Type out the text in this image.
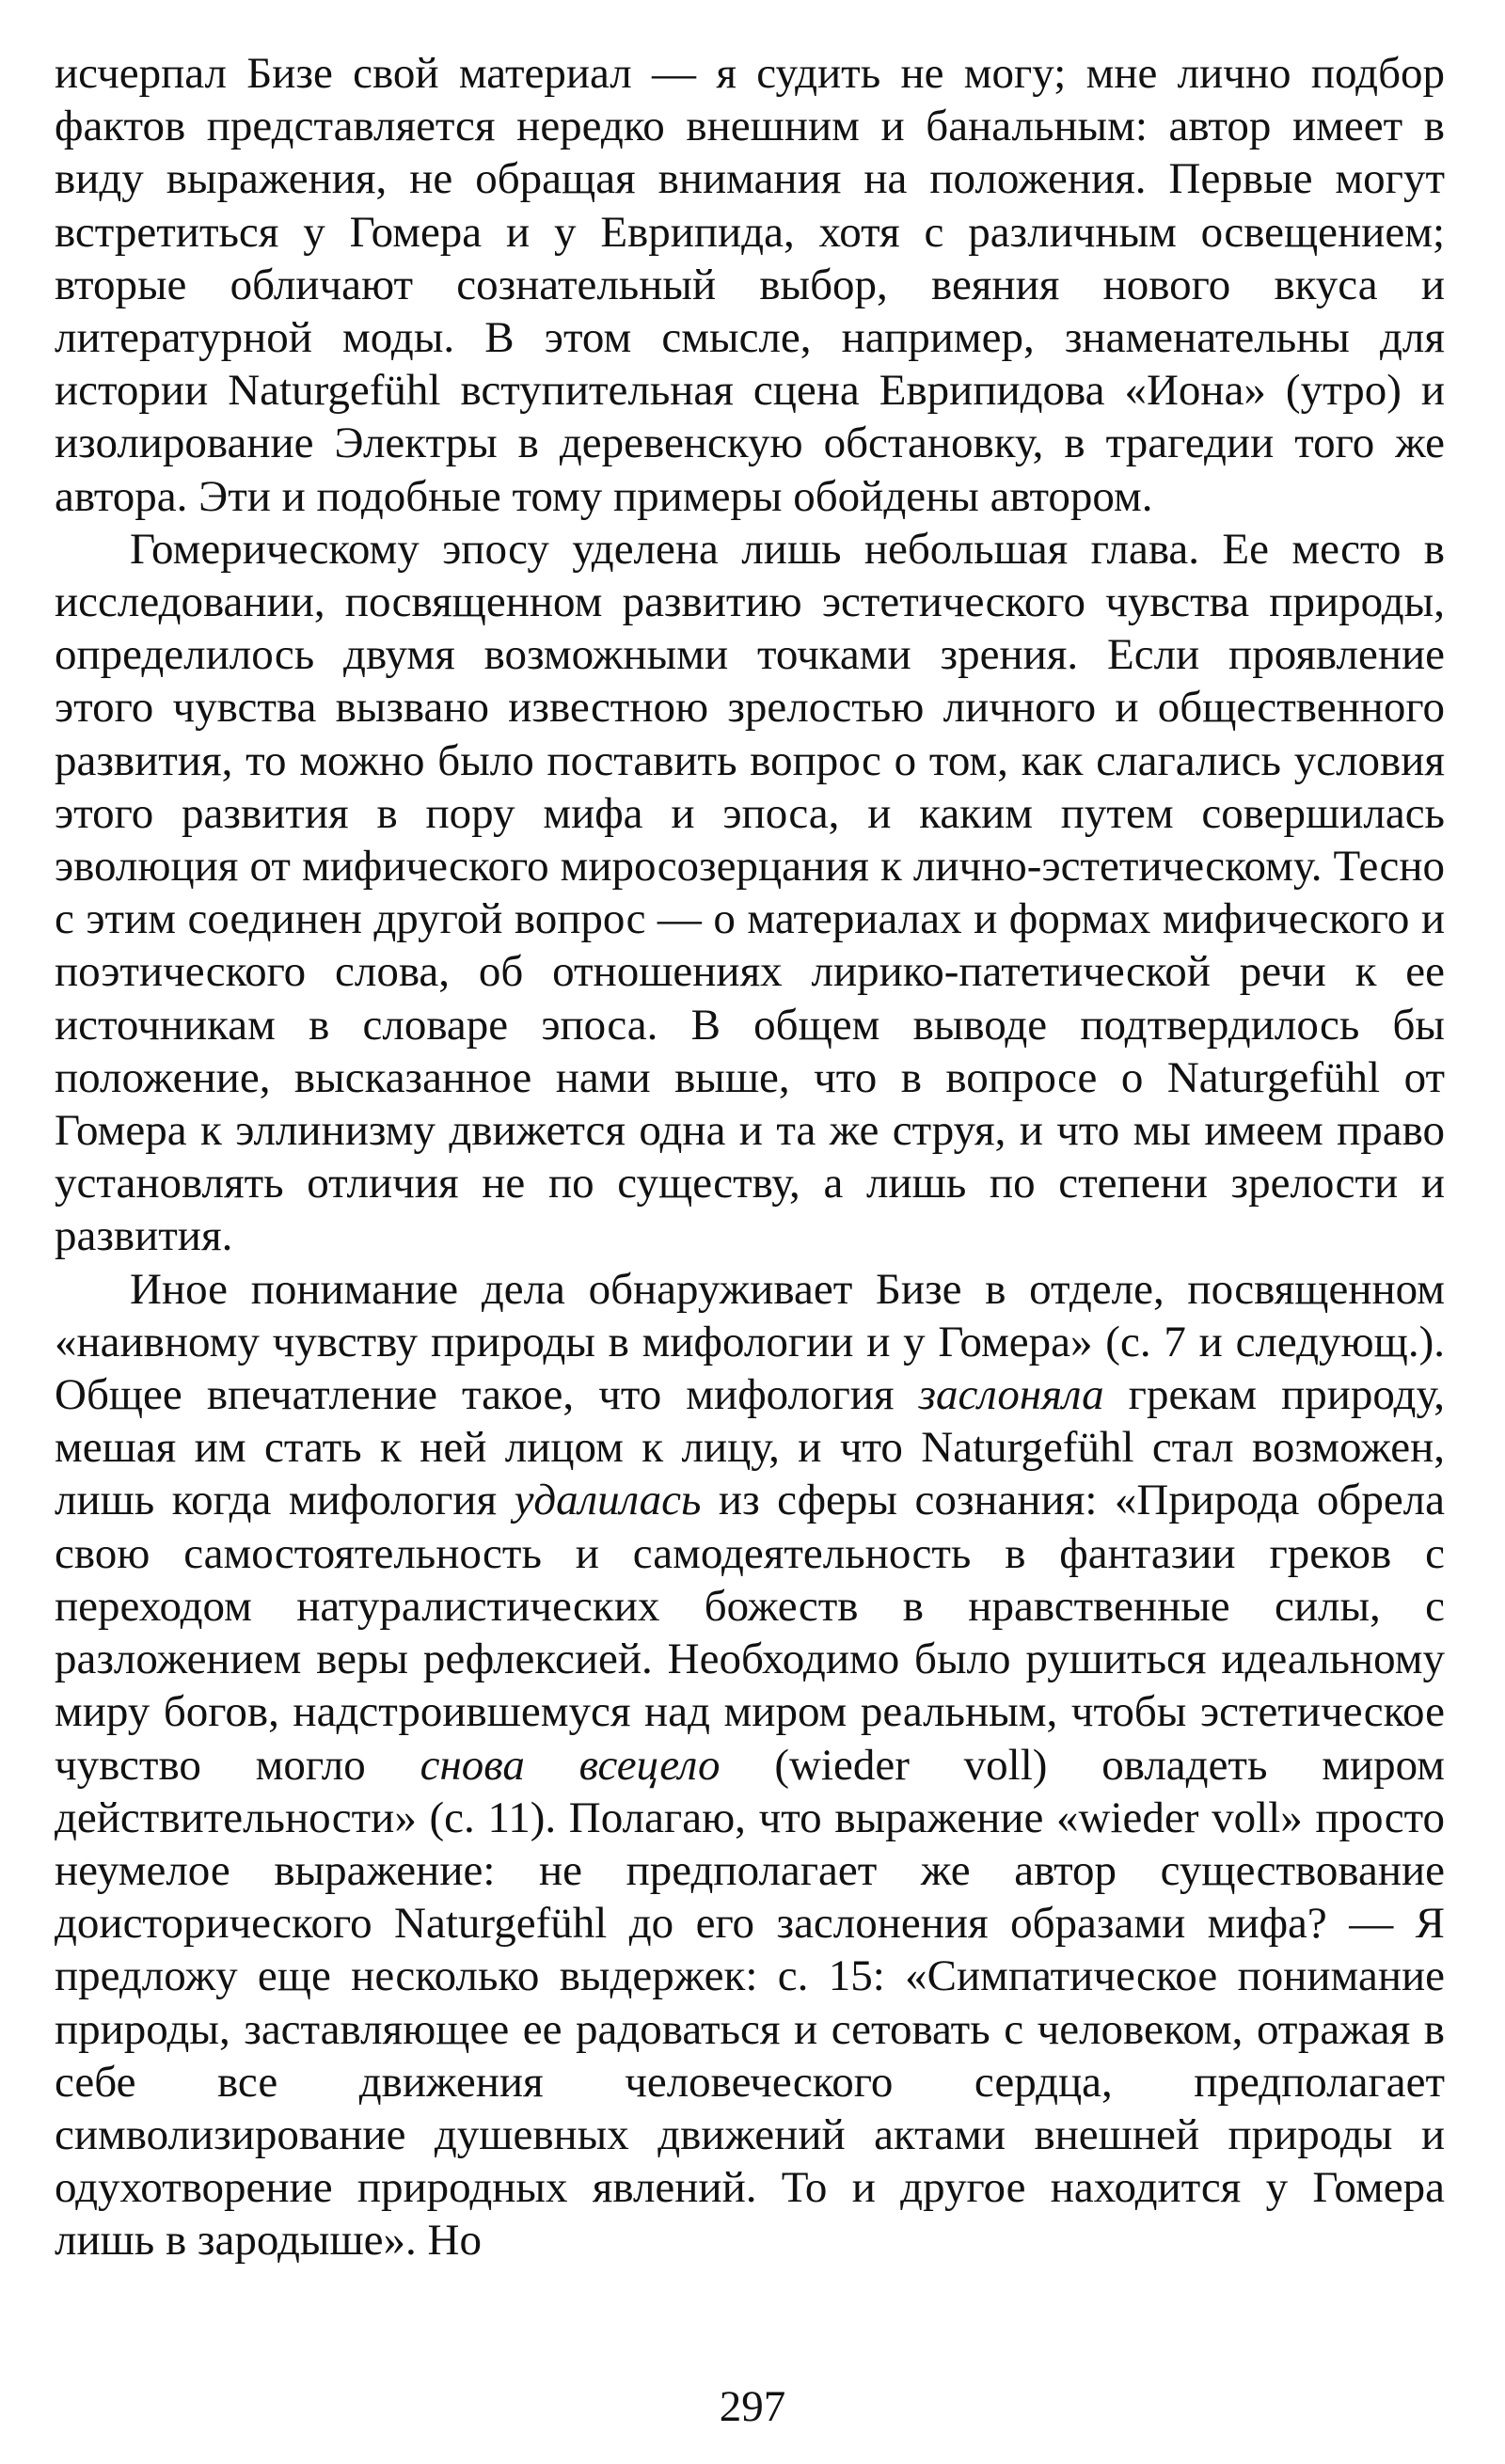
исчерпал Бизе свой материал — я судить не могу; мне лично подбор фактов представляется нередко внешним и банальным: автор имеет в виду выражения, не обращая внимания на положения. Первые могут встретиться у Гомера и у Еврипида, хотя с различным освещением; вторые обличают сознательный выбор, веяния нового вкуса и литературной моды. В этом смысле, например, знаменательны для истории Naturgefühl вступительная сцена Еврипидова «Иона» (утро) и изолирование Электры в деревенскую обстановку, в трагедии того же автора. Эти и подобные тому примеры обойдены автором.

Гомерическому эпосу уделена лишь небольшая глава. Ее место в исследовании, посвященном развитию эстетического чувства природы, определилось двумя возможными точками зрения. Если проявление этого чувства вызвано известною зрелостью личного и общественного развития, то можно было поставить вопрос о том, как слагались условия этого развития в пору мифа и эпоса, и каким путем совершилась эволюция от мифического миросозерцания к лично-эстетическому. Тесно с этим соединен другой вопрос — о материалах и формах мифического и поэтического слова, об отношениях лирико-патетической речи к ее источникам в словаре эпоса. В общем выводе подтвердилось бы положение, высказанное нами выше, что в вопросе о Naturgefühl от Гомера к эллинизму движется одна и та же струя, и что мы имеем право установлять отличия не по существу, а лишь по степени зрелости и развития.

Иное понимание дела обнаруживает Бизе в отделе, посвященном «наивному чувству природы в мифологии и у Гомера» (с. 7 и следующ.). Общее впечатление такое, что мифология заслоняла грекам природу, мешая им стать к ней лицом к лицу, и что Naturgefühl стал возможен, лишь когда мифология удалилась из сферы сознания: «Природа обрела свою самостоятельность и самодеятельность в фантазии греков с переходом натуралистических божеств в нравственные силы, с разложением веры рефлексией. Необходимо было рушиться идеальному миру богов, надстроившемуся над миром реальным, чтобы эстетическое чувство могло снова всецело (wieder voll) овладеть миром действительности» (с. 11). Полагаю, что выражение «wieder voll» просто неумелое выражение: не предполагает же автор существование доисторического Naturgefühl до его заслонения образами мифа? — Я предложу еще несколько выдержек: с. 15: «Симпатическое понимание природы, заставляющее ее радоваться и сетовать с человеком, отражая в себе все движения человеческого сердца, предполагает символизирование душевных движений актами внешней природы и одухотворение природных явлений. То и другое находится у Гомера лишь в зародыше». Но

297
